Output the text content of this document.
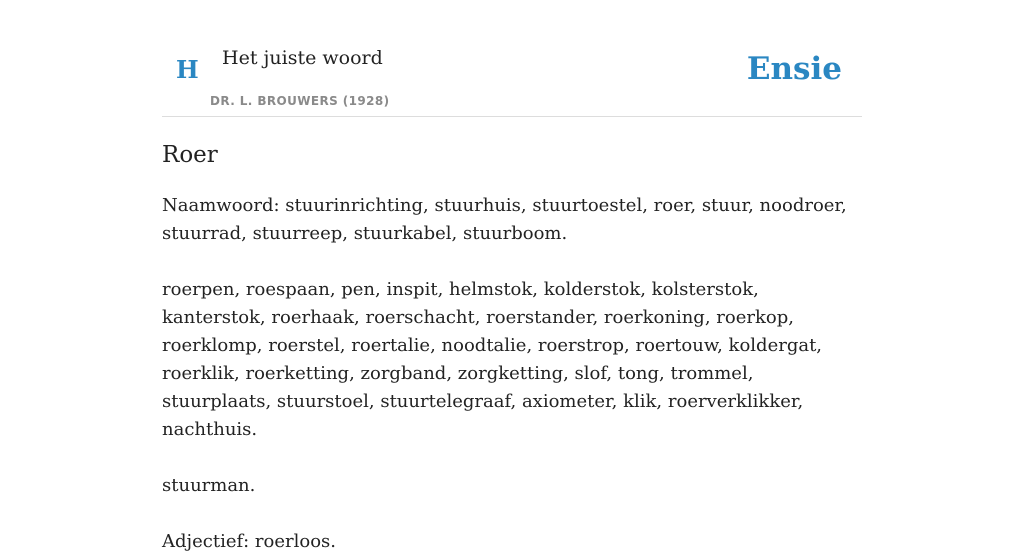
H Het juiste woord
DR. L. BROUWERS (1928)
Ensie
Roer

Naamwoord: stuurinrichting, stuurhuis, stuurtoestel, roer, stuur, noodroer, stuurrad, stuurreep, stuurkabel, stuurboom.

roerpen, roespaan, pen, inspit, helmstok, kolderstok, kolsterstok, kanterstok, roerhaak, roerschacht, roerstander, roerkoning, roerkop, roerklomp, roerstel, roertalie, noodtalie, roerstrop, roertouw, koldergat, roerklik, roerketting, zorgband, zorgketting, slof, tong, trommel, stuurplaats, stuurstoel, stuurtelegraaf, axiometer, klik, roerverklikker, nachthuis.

stuurman.

Adjectief: roerloos.
